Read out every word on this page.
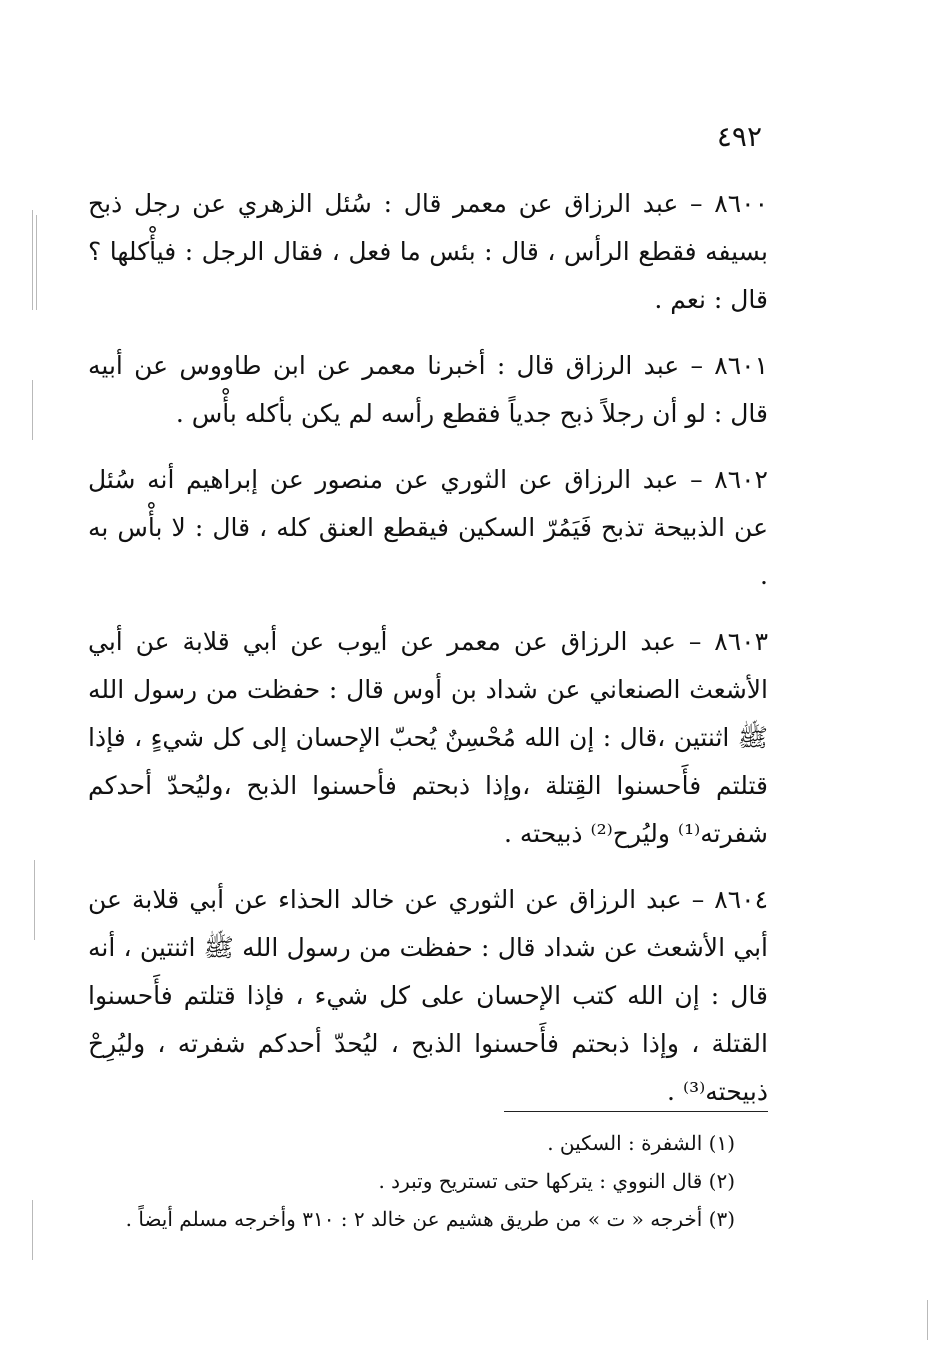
٤٩٢

٨٦٠٠ – عبد الرزاق عن معمر قال : سُئل الزهري عن رجل ذبح بسيفه فقطع الرأس ، قال : بئس ما فعل ، فقال الرجل : فيأْكلها ؟ قال : نعم .

٨٦٠١ – عبد الرزاق قال : أخبرنا معمر عن ابن طاووس عن أبيه قال : لو أن رجلاً ذبح جدياً فقطع رأسه لم يكن بأكله بأْس .

٨٦٠٢ – عبد الرزاق عن الثوري عن منصور عن إبراهيم أنه سُئل عن الذبيحة تذبح فَيَمُرّ السكين فيقطع العنق كله ، قال : لا بأْس به .

٨٦٠٣ – عبد الرزاق عن معمر عن أيوب عن أبي قلابة عن أبي الأشعث الصنعاني عن شداد بن أوس قال : حفظت من رسول الله ﷺ اثنتين ،قال : إن الله مُحْسِنٌ يُحبّ الإحسان إلى كل شيءٍ ، فإذا قتلتم فأَحسنوا القِتلة ،وإذا ذبحتم فأحسنوا الذبح ،وليُحدّ أحدكم شفرته⁽¹⁾ وليُرح⁽²⁾ ذبيحته .

٨٦٠٤ – عبد الرزاق عن الثوري عن خالد الحذاء عن أبي قلابة عن أبي الأشعث عن شداد قال : حفظت من رسول الله ﷺ اثنتين ، أنه قال : إن الله كتب الإحسان على كل شيء ، فإذا قتلتم فأَحسنوا القتلة ، وإذا ذبحتم فأَحسنوا الذبح ، ليُحدّ أحدكم شفرته ، وليُرِحْ ذبيحته⁽³⁾ .

(١) الشفرة : السكين .

(٢) قال النووي : يتركها حتى تستريح وتبرد .

(٣) أخرجه « ت » من طريق هشيم عن خالد ٢ : ٣١٠ وأخرجه مسلم أيضاً .
